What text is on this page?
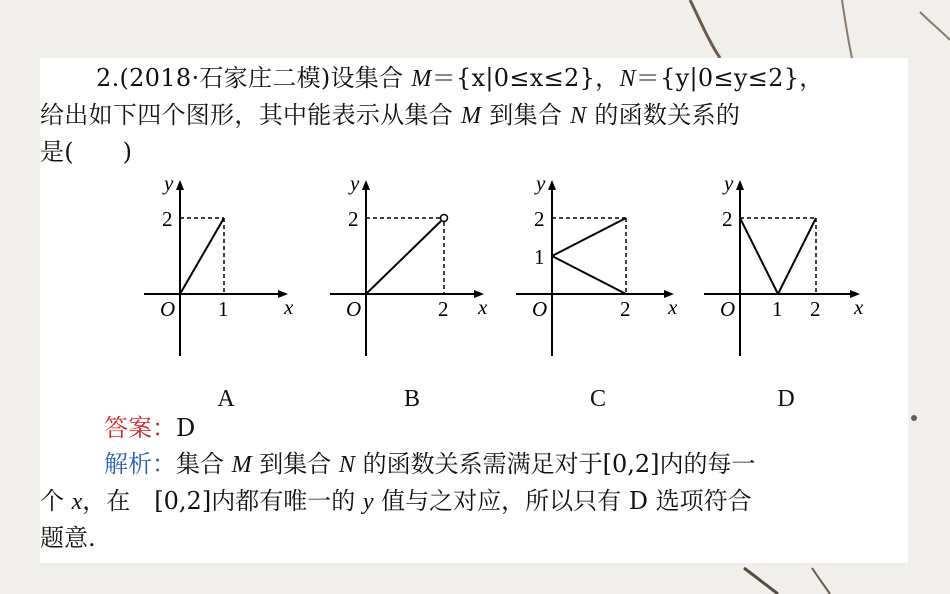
2.(2018·石家庄二模)设集合 M＝{x|0≤x≤2}，N＝{y|0≤y≤2}，
给出如下四个图形，其中能表示从集合 M 到集合 N 的函数关系的
是(　　)
y
2
O 1	x
A
y
2
O	2 x
B
y
2
1
O	2 x
C
y
2
O 1 2 x
D
答案：D
解析：集合 M 到集合 N 的函数关系需满足对于[0,2]内的每一
个 x，在　[0,2]内都有唯一的 y 值与之对应，所以只有 D 选项符合
题意.
